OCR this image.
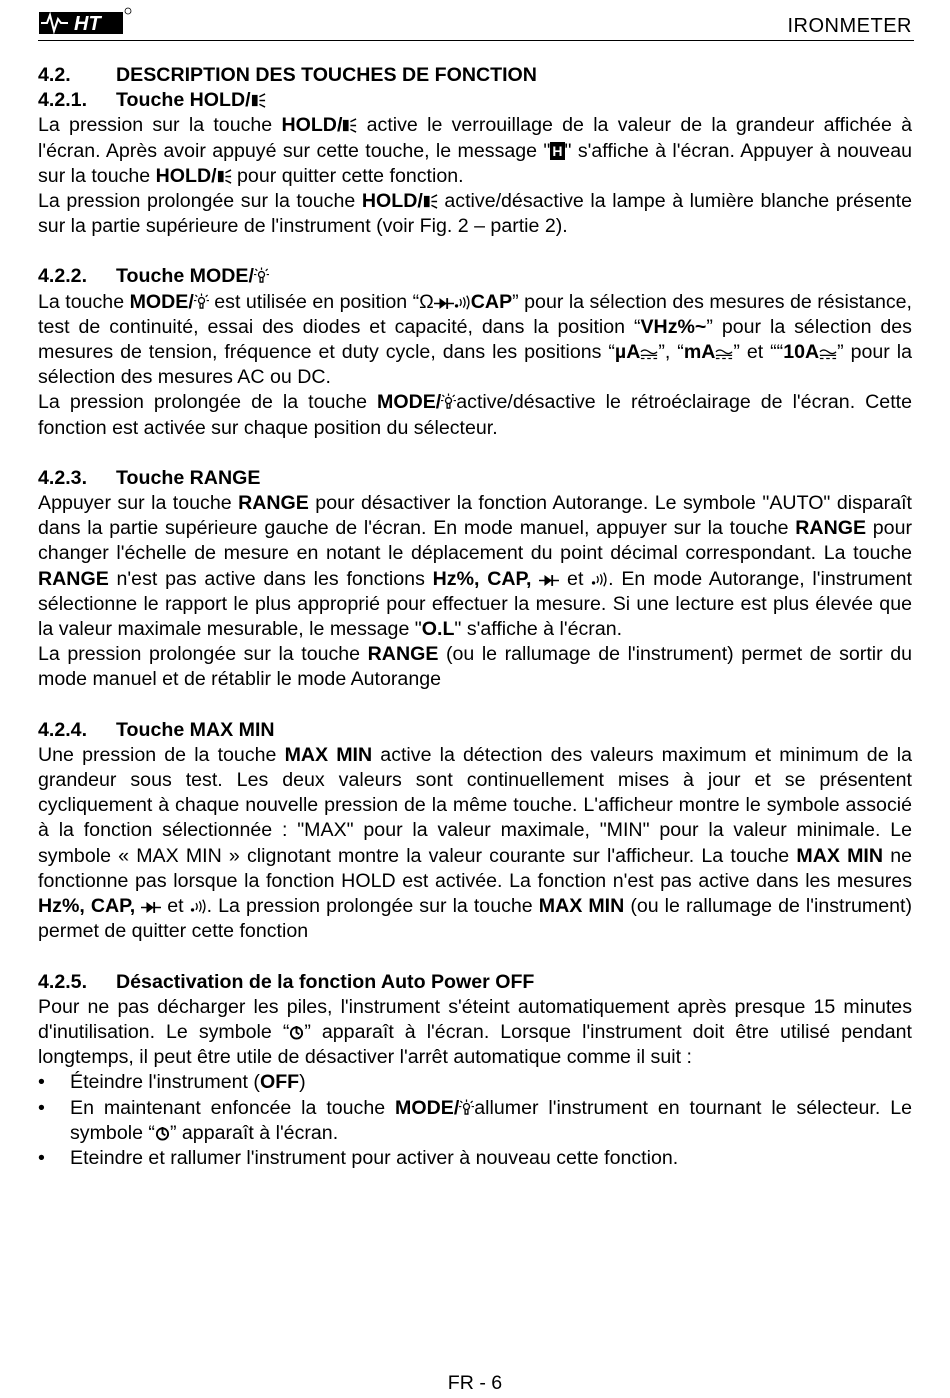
HT	IRONMETER
4.2. DESCRIPTION DES TOUCHES DE FONCTION
4.2.1. Touche HOLD/

La pression sur la touche HOLD/ active le verrouillage de la valeur de la grandeur affichée à l'écran. Après avoir appuyé sur cette touche, le message " H " s'affiche à l'écran. Appuyer à nouveau sur la touche HOLD/ pour quitter cette fonction.

La pression prolongée sur la touche HOLD/ active/désactive la lampe à lumière blanche présente sur la partie supérieure de l'instrument (voir Fig. 2 – partie 2).

4.2.2. Touche MODE/

La touche MODE/ est utilisée en position “Ω CAP” pour la sélection des mesures de résistance, test de continuité, essai des diodes et capacité, dans la position “VHz%~” pour la sélection des mesures de tension, fréquence et duty cycle, dans les positions “µA ”, “mA ” et ““10A ” pour la sélection des mesures AC ou DC.

La pression prolongée de la touche MODE/ active/désactive le rétroéclairage de l'écran. Cette fonction est activée sur chaque position du sélecteur.

4.2.3. Touche RANGE

Appuyer sur la touche RANGE pour désactiver la fonction Autorange. Le symbole "AUTO" disparaît dans la partie supérieure gauche de l'écran. En mode manuel, appuyer sur la touche RANGE pour changer l'échelle de mesure en notant le déplacement du point décimal correspondant. La touche RANGE n'est pas active dans les fonctions Hz%, CAP,  et . En mode Autorange, l'instrument sélectionne le rapport le plus approprié pour effectuer la mesure. Si une lecture est plus élevée que la valeur maximale mesurable, le message "O.L" s'affiche à l'écran.

La pression prolongée sur la touche RANGE (ou le rallumage de l'instrument) permet de sortir du mode manuel et de rétablir le mode Autorange

4.2.4. Touche MAX MIN

Une pression de la touche MAX MIN active la détection des valeurs maximum et minimum de la grandeur sous test. Les deux valeurs sont continuellement mises à jour et se présentent cycliquement à chaque nouvelle pression de la même touche. L'afficheur montre le symbole associé à la fonction sélectionnée : "MAX" pour la valeur maximale, "MIN" pour la valeur minimale. Le symbole « MAX MIN » clignotant montre la valeur courante sur l'afficheur. La touche MAX MIN ne fonctionne pas lorsque la fonction HOLD est activée. La fonction n'est pas active dans les mesures Hz%, CAP,  et . La pression prolongée sur la touche MAX MIN (ou le rallumage de l'instrument) permet de quitter cette fonction

4.2.5. Désactivation de la fonction Auto Power OFF

Pour ne pas décharger les piles, l'instrument s'éteint automatiquement après presque 15 minutes d'inutilisation. Le symbole “ ” apparaît à l'écran. Lorsque l'instrument doit être utilisé pendant longtemps, il peut être utile de désactiver l'arrêt automatique comme il suit :

• Éteindre l'instrument (OFF)
• En maintenant enfoncée la touche MODE/ allumer l'instrument en tournant le sélecteur. Le symbole “ ” apparaît à l'écran.
• Eteindre et rallumer l'instrument pour activer à nouveau cette fonction.
FR - 6
